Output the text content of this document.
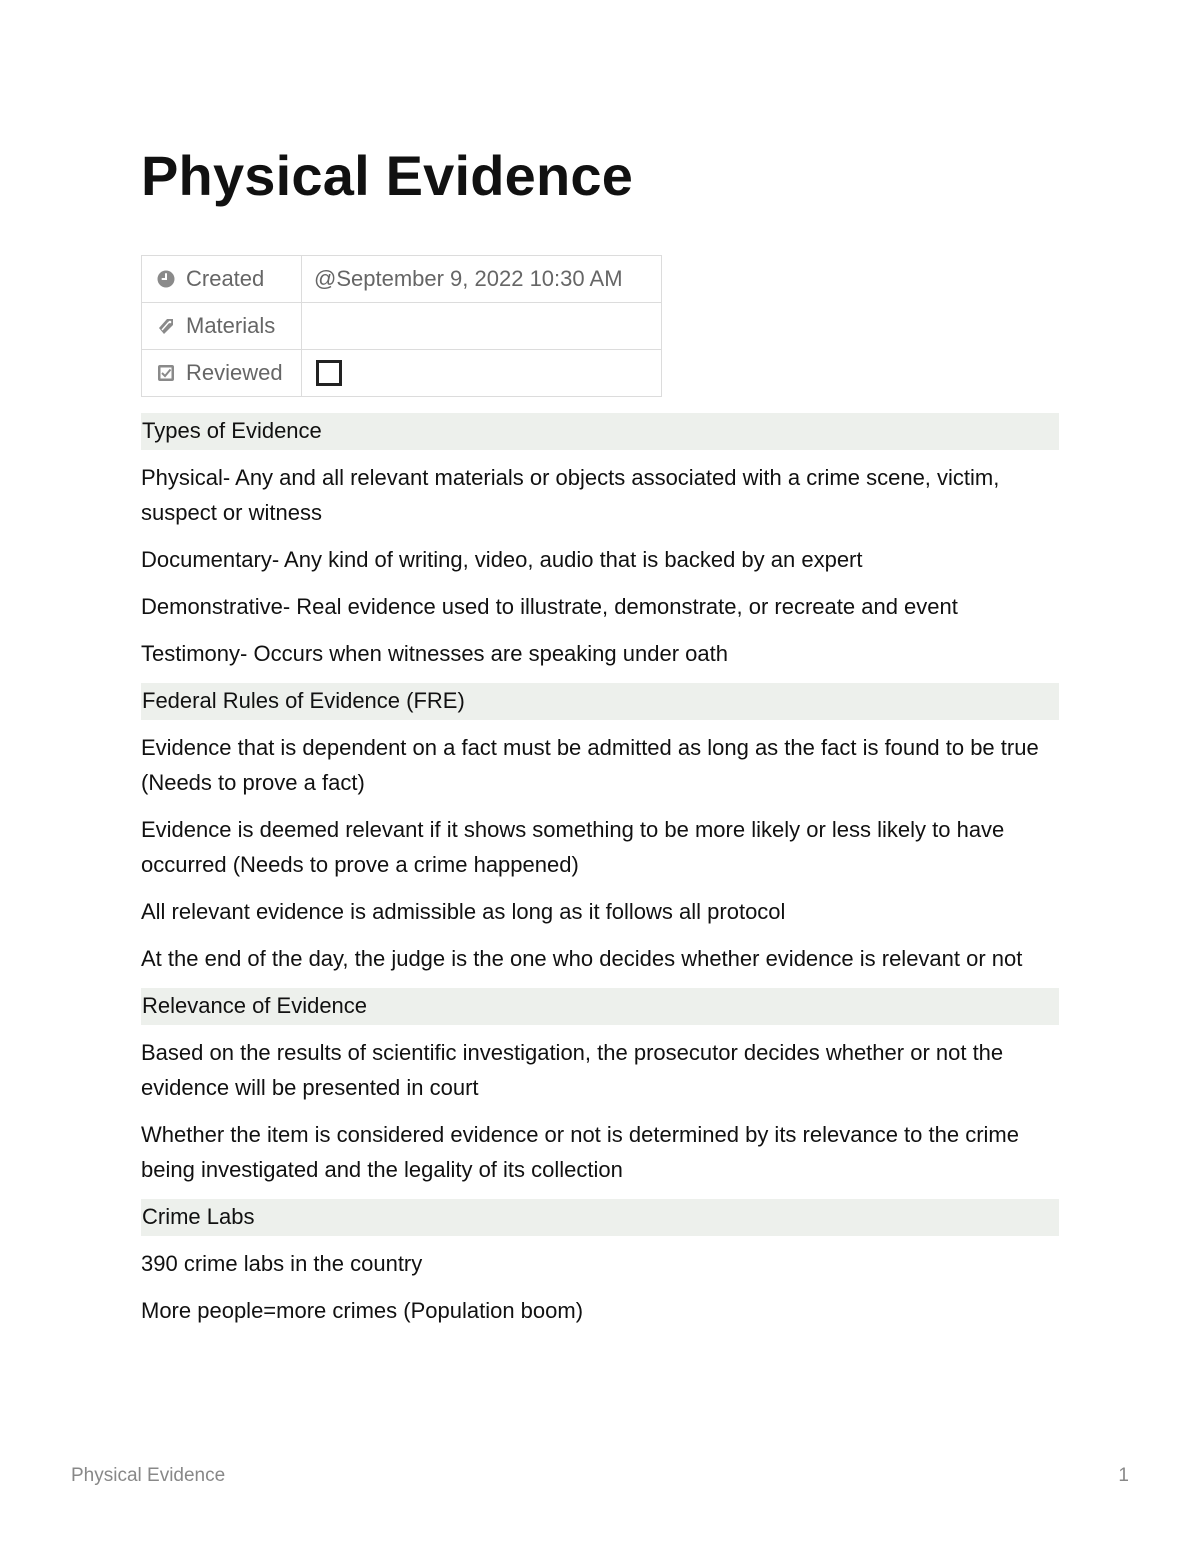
Physical Evidence
Created	@September 9, 2022 10:30 AM
Materials	
Reviewed	
Types of Evidence

Physical- Any and all relevant materials or objects associated with a crime scene, victim, suspect or witness

Documentary- Any kind of writing, video, audio that is backed by an expert

Demonstrative- Real evidence used to illustrate, demonstrate, or recreate and event

Testimony- Occurs when witnesses are speaking under oath

Federal Rules of Evidence (FRE)

Evidence that is dependent on a fact must be admitted as long as the fact is found to be true (Needs to prove a fact)

Evidence is deemed relevant if it shows something to be more likely or less likely to have occurred (Needs to prove a crime happened)

All relevant evidence is admissible as long as it follows all protocol

At the end of the day, the judge is the one who decides whether evidence is relevant or not

Relevance of Evidence

Based on the results of scientific investigation, the prosecutor decides whether or not the evidence will be presented in court

Whether the item is considered evidence or not is determined by its relevance to the crime being investigated and the legality of its collection

Crime Labs

390 crime labs in the country

More people=more crimes (Population boom)

Physical Evidence	1
